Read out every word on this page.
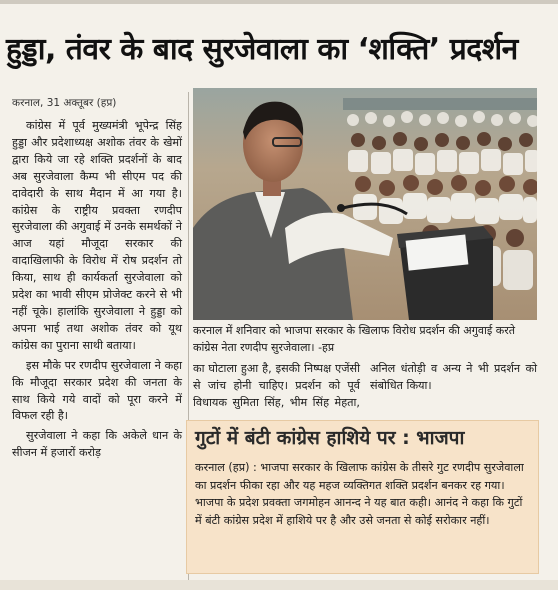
हुड्डा, तंवर के बाद सुरजेवाला का ‘शक्ति’ प्रदर्शन
करनाल, 31 अक्तूबर (हप्र)

कांग्रेस में पूर्व मुख्यमंत्री भूपेन्द्र सिंह हुड्डा और प्रदेशाध्यक्ष अशोक तंवर के खेमों द्वारा किये जा रहे शक्ति प्रदर्शनों के बाद अब सुरजेवाला कैम्प भी सीएम पद की दावेदारी के साथ मैदान में आ गया है। कांग्रेस के राष्ट्रीय प्रवक्ता रणदीप सुरजेवाला की अगुवाई में उनके समर्थकों ने आज यहां मौजूदा सरकार की वादाखिलाफी के विरोध में रोष प्रदर्शन तो किया, साथ ही कार्यकर्ता सुरजेवाला को प्रदेश का भावी सीएम प्रोजेक्ट करने से भी नहीं चूके। हालांकि सुरजेवाला ने हुड्डा को अपना भाई तथा अशोक तंवर को यूथ कांग्रेस का पुराना साथी बताया।

इस मौके पर रणदीप सुरजेवाला ने कहा कि मौजूदा सरकार प्रदेश की जनता के साथ किये गये वादों को पूरा करने में विफल रही है।

सुरजेवाला ने कहा कि अकेले धान के सीजन में हजारों करोड़

करनाल में शनिवार को भाजपा सरकार के खिलाफ विरोध प्रदर्शन की अगुवाई करते कांग्रेस नेता रणदीप सुरजेवाला। -हप्र

का घोटाला हुआ है, इसकी निष्पक्ष एजेंसी से जांच होनी चाहिए। प्रदर्शन को पूर्व विधायक सुमिता सिंह, भीम सिंह मेहता, अनिल धंतोड़ी व अन्य ने भी प्रदर्शन को संबोधित किया।

गुटों में बंटी कांग्रेस हाशिये पर : भाजपा
करनाल (हप्र) : भाजपा सरकार के खिलाफ कांग्रेस के तीसरे गुट रणदीप सुरजेवाला का प्रदर्शन फीका रहा और यह महज व्यक्तिगत शक्ति प्रदर्शन बनकर रह गया। भाजपा के प्रदेश प्रवक्ता जगमोहन आनन्द ने यह बात कही। आनंद ने कहा कि गुटों में बंटी कांग्रेस प्रदेश में हाशिये पर है और उसे जनता से कोई सरोकार नहीं।
